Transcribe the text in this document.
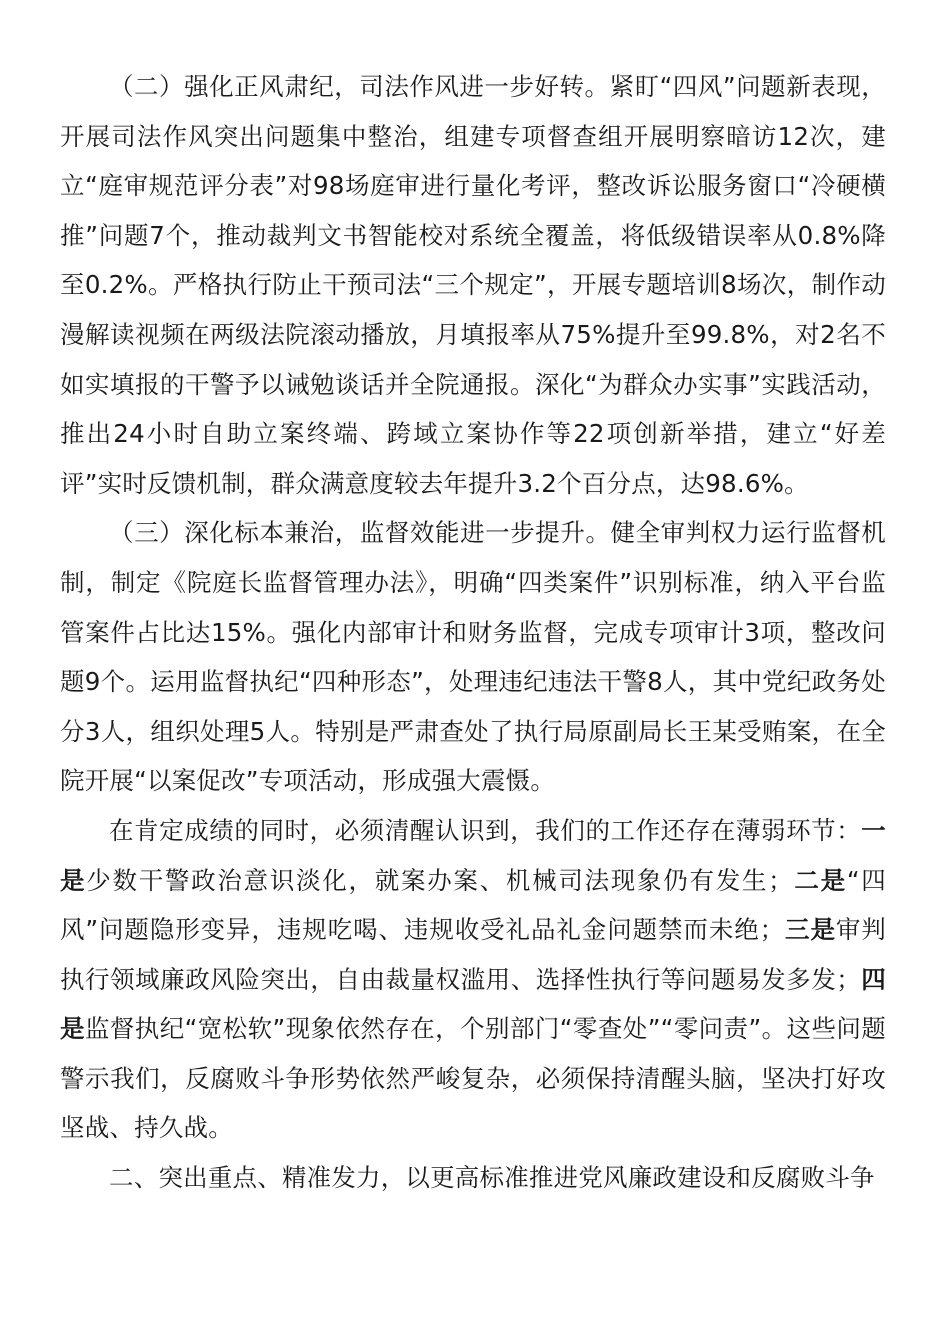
（二）强化正风肃纪，司法作风进一步好转。紧盯“四风”问题新表现，开展司法作风突出问题集中整治，组建专项督查组开展明察暗访12次，建立“庭审规范评分表”对98场庭审进行量化考评，整改诉讼服务窗口“冷硬横推”问题7个，推动裁判文书智能校对系统全覆盖，将低级错误率从0.8%降至0.2%。严格执行防止干预司法“三个规定”，开展专题培训8场次，制作动漫解读视频在两级法院滚动播放，月填报率从75%提升至99.8%，对2名不如实填报的干警予以诫勉谈话并全院通报。深化“为群众办实事”实践活动，推出24小时自助立案终端、跨域立案协作等22项创新举措，建立“好差评”实时反馈机制，群众满意度较去年提升3.2个百分点，达98.6%。

（三）深化标本兼治，监督效能进一步提升。健全审判权力运行监督机制，制定《院庭长监督管理办法》，明确“四类案件”识别标准，纳入平台监管案件占比达15%。强化内部审计和财务监督，完成专项审计3项，整改问题9个。运用监督执纪“四种形态”，处理违纪违法干警8人，其中党纪政务处分3人，组织处理5人。特别是严肃查处了执行局原副局长王某受贿案，在全院开展“以案促改”专项活动，形成强大震慑。

在肯定成绩的同时，必须清醒认识到，我们的工作还存在薄弱环节：一是少数干警政治意识淡化，就案办案、机械司法现象仍有发生；二是“四风”问题隐形变异，违规吃喝、违规收受礼品礼金问题禁而未绝；三是审判执行领域廉政风险突出，自由裁量权滥用、选择性执行等问题易发多发；四是监督执纪“宽松软”现象依然存在，个别部门“零查处”“零问责”。这些问题警示我们，反腐败斗争形势依然严峻复杂，必须保持清醒头脑，坚决打好攻坚战、持久战。

二、突出重点、精准发力，以更高标准推进党风廉政建设和反腐败斗争
